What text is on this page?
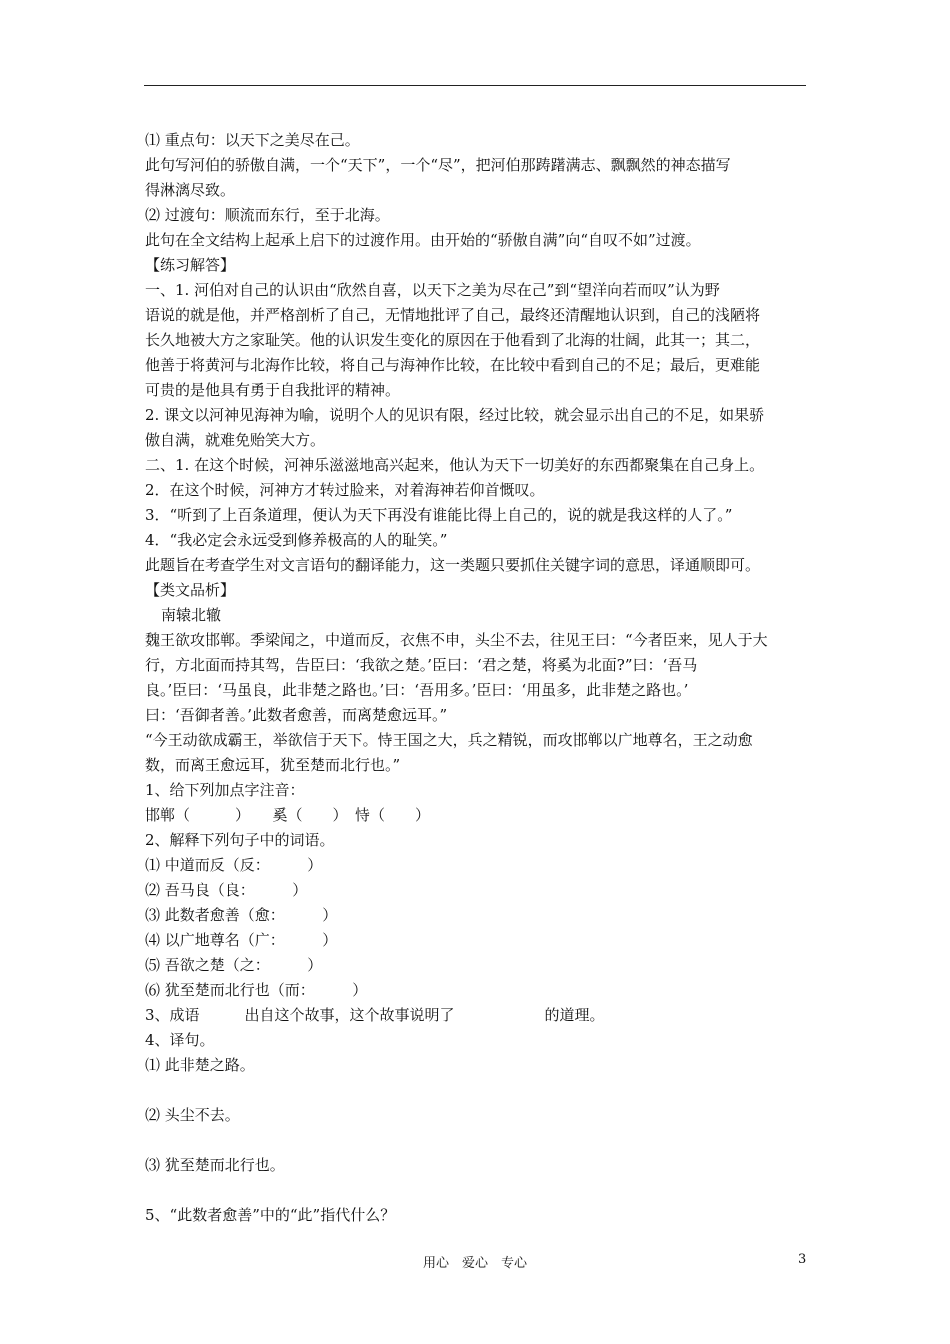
⑴ 重点句：以天下之美尽在己。
此句写河伯的骄傲自满，一个“天下”，一个“尽”，把河伯那踌躇满志、飘飘然的神态描写
得淋漓尽致。
⑵ 过渡句：顺流而东行，至于北海。
此句在全文结构上起承上启下的过渡作用。由开始的“骄傲自满”向“自叹不如”过渡。
【练习解答】
一、1. 河伯对自己的认识由“欣然自喜，以天下之美为尽在己”到“望洋向若而叹”认为野
语说的就是他，并严格剖析了自己，无情地批评了自己，最终还清醒地认识到，自己的浅陋将
长久地被大方之家耻笑。他的认识发生变化的原因在于他看到了北海的壮阔，此其一；其二，
他善于将黄河与北海作比较，将自己与海神作比较，在比较中看到自己的不足；最后，更难能
可贵的是他具有勇于自我批评的精神。
2. 课文以河神见海神为喻，说明个人的见识有限，经过比较，就会显示出自己的不足，如果骄
傲自满，就难免贻笑大方。
二、1. 在这个时候，河神乐滋滋地高兴起来，他认为天下一切美好的东西都聚集在自己身上。
2．在这个时候，河神方才转过脸来，对着海神若仰首慨叹。
3．“听到了上百条道理，便认为天下再没有谁能比得上自己的，说的就是我这样的人了。”
4．“我必定会永远受到修养极高的人的耻笑。”
此题旨在考查学生对文言语句的翻译能力，这一类题只要抓住关键字词的意思，译通顺即可。
【类文品析】
南辕北辙
魏王欲攻邯郸。季梁闻之，中道而反，衣焦不申，头尘不去，往见王曰：“今者臣来，见人于大
行，方北面而持其驾，告臣曰：‘我欲之楚。’臣曰：‘君之楚，将奚为北面?”曰：‘吾马
良。’臣曰：‘马虽良，此非楚之路也。’曰：‘吾用多。’臣曰：‘用虽多，此非楚之路也。’
曰：‘吾御者善。’此数者愈善，而离楚愈远耳。”
“今王动欲成霸王，举欲信于天下。恃王国之大，兵之精锐，而攻邯郸以广地尊名，王之动愈
数，而离王愈远耳，犹至楚而北行也。”
1、给下列加点字注音：
邯郸（　　　）　　奚（　　）　恃（　　）
2、解释下列句子中的词语。
⑴ 中道而反（反：　　　）
⑵ 吾马良（良：　　　）
⑶ 此数者愈善（愈：　　　）
⑷ 以广地尊名（广：　　　）
⑸ 吾欲之楚（之：　　　）
⑹ 犹至楚而北行也（而：　　　）
3、成语　　　出自这个故事，这个故事说明了　　　　　　的道理。
4、译句。
⑴ 此非楚之路。
⑵ 头尘不去。
⑶ 犹至楚而北行也。
5、“此数者愈善”中的“此”指代什么？
用心　爱心　专心	3
